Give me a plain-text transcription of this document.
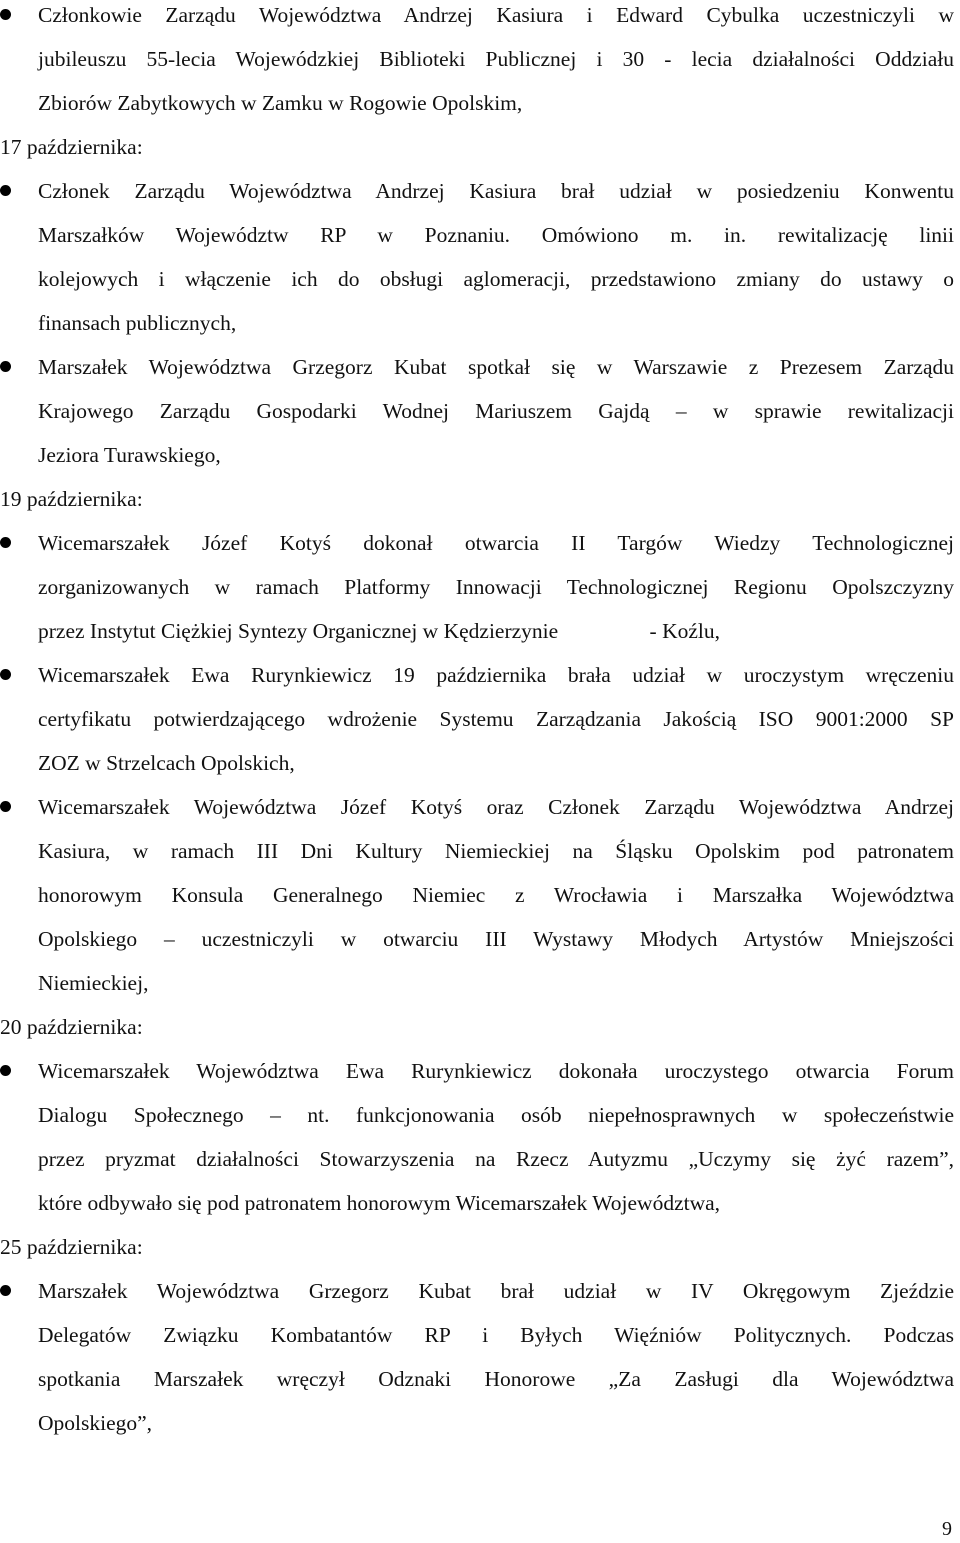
Członkowie Zarządu Województwa Andrzej Kasiura i Edward Cybulka uczestniczyli w
jubileuszu 55-lecia Wojewódzkiej Biblioteki Publicznej i 30 - lecia działalności Oddziału
Zbiorów Zabytkowych w Zamku w Rogowie Opolskim,
17 października:
Członek Zarządu Województwa Andrzej Kasiura brał udział w posiedzeniu Konwentu
Marszałków Województw RP w Poznaniu. Omówiono m. in. rewitalizację linii
kolejowych i włączenie ich do obsługi aglomeracji, przedstawiono zmiany do ustawy o
finansach publicznych,
Marszałek Województwa Grzegorz Kubat spotkał się w Warszawie z Prezesem Zarządu
Krajowego Zarządu Gospodarki Wodnej Mariuszem Gajdą – w sprawie rewitalizacji
Jeziora Turawskiego,
19 października:
Wicemarszałek Józef Kotyś dokonał otwarcia II Targów Wiedzy Technologicznej
zorganizowanych w ramach Platformy Innowacji Technologicznej Regionu Opolszczyzny
przez Instytut Ciężkiej Syntezy Organicznej w Kędzierzynie                 - Koźlu,
Wicemarszałek Ewa Rurynkiewicz 19 października brała udział w uroczystym wręczeniu
certyfikatu potwierdzającego wdrożenie Systemu Zarządzania Jakością ISO 9001:2000 SP
ZOZ w Strzelcach Opolskich,
Wicemarszałek Województwa Józef Kotyś oraz Członek Zarządu Województwa Andrzej
Kasiura, w ramach III Dni Kultury Niemieckiej na Śląsku Opolskim pod patronatem
honorowym Konsula Generalnego Niemiec z Wrocławia i Marszałka Województwa
Opolskiego – uczestniczyli w otwarciu III Wystawy Młodych Artystów Mniejszości
Niemieckiej,
20 października:
Wicemarszałek Województwa Ewa Rurynkiewicz dokonała uroczystego otwarcia Forum
Dialogu Społecznego – nt. funkcjonowania osób niepełnosprawnych w społeczeństwie
przez pryzmat działalności Stowarzyszenia na Rzecz Autyzmu „Uczymy się żyć razem”,
które odbywało się pod patronatem honorowym Wicemarszałek Województwa,
25 października:
Marszałek Województwa Grzegorz Kubat brał udział w IV Okręgowym Zjeździe
Delegatów Związku Kombatantów RP i Byłych Więźniów Politycznych. Podczas
spotkania Marszałek wręczył Odznaki Honorowe „Za Zasługi dla Województwa
Opolskiego”,
9
